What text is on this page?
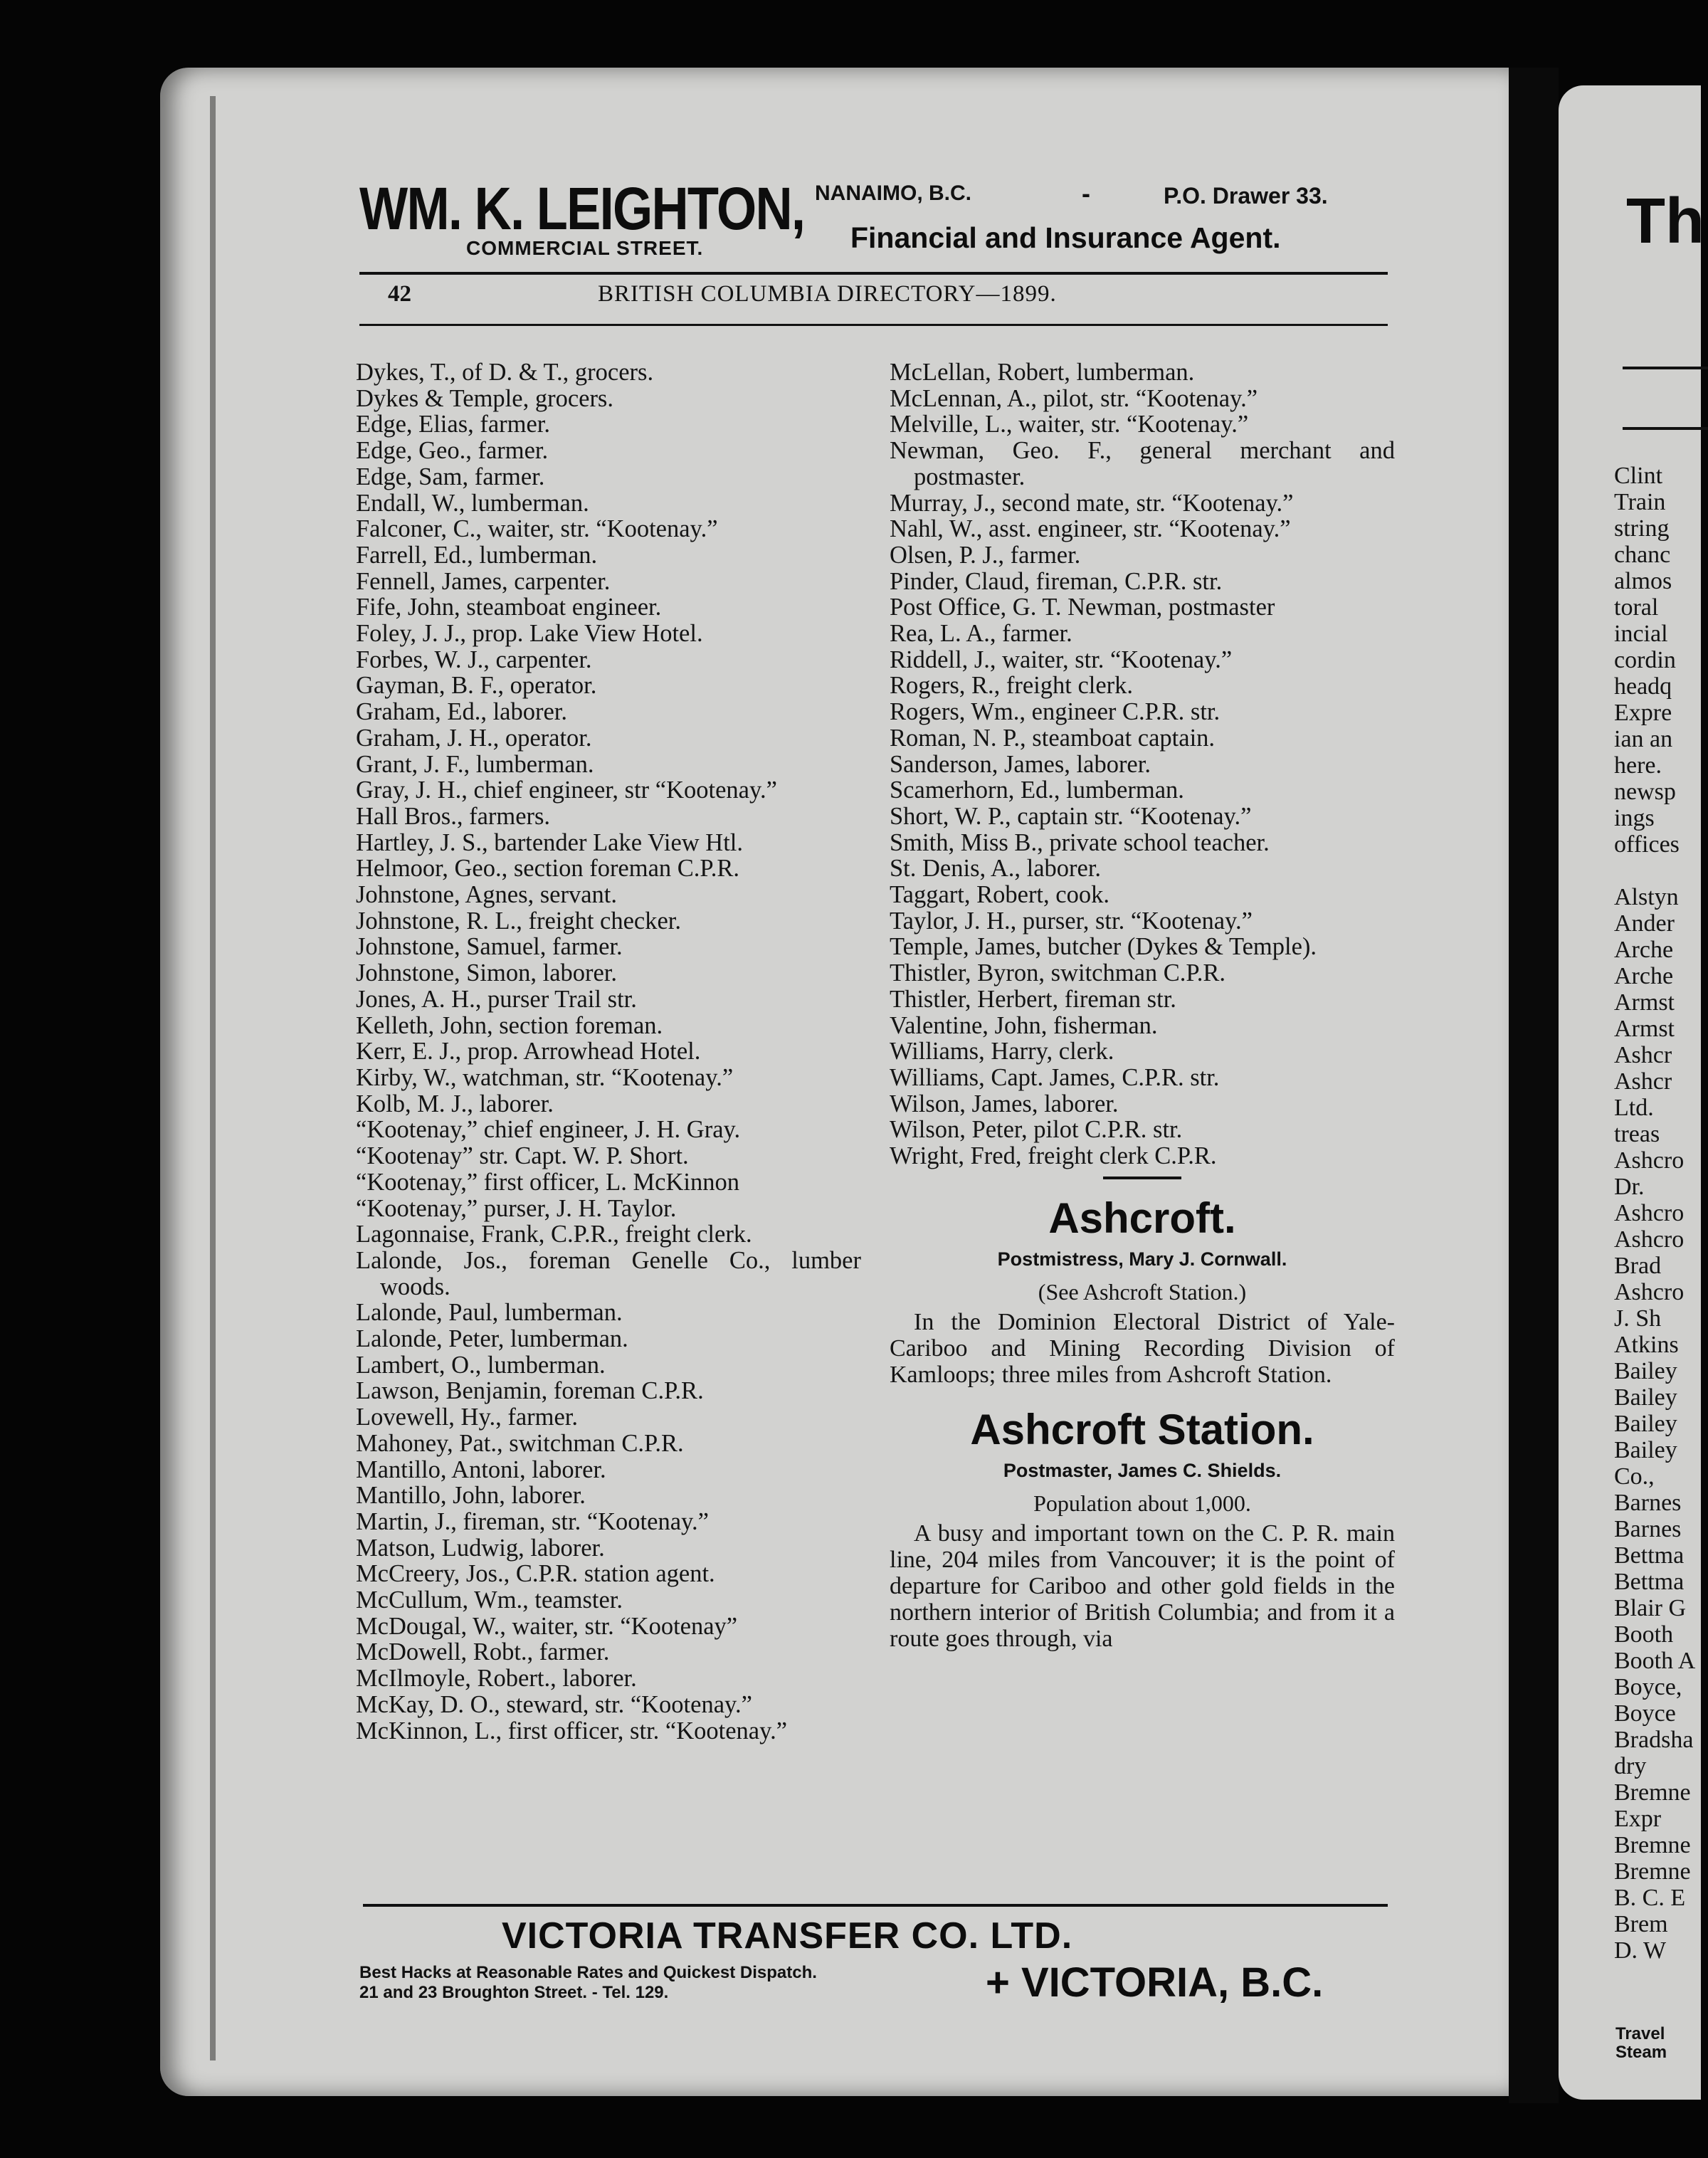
Th
Clint
Train
string
chanc
almos
toral
incial
cordin
headq
Expre
ian an
here.
newsp
ings
offices
Alstyn
Ander
Arche
Arche
Armst
Armst
Ashcr
Ashcr
Ltd.
treas
Ashcro
Dr.
Ashcro
Ashcro
Brad
Ashcro
J. Sh
Atkins
Bailey
Bailey
Bailey
Bailey
Co.,
Barnes
Barnes
Bettma
Bettma
Blair G
Booth
Booth A
Boyce,
Boyce
Bradsha
dry
Bremne
Expr
Bremne
Bremne
B. C. E
Brem
D. W
Travel
Steam
WM. K. LEIGHTON,
COMMERCIAL STREET.
NANAIMO, B.C.	-	P.O. Drawer 33.
Financial and Insurance Agent.
42	BRITISH COLUMBIA DIRECTORY—1899.

Dykes, T., of D. & T., grocers.

Dykes & Temple, grocers.

Edge, Elias, farmer.

Edge, Geo., farmer.

Edge, Sam, farmer.

Endall, W., lumberman.

Falconer, C., waiter, str. “Kootenay.”

Farrell, Ed., lumberman.

Fennell, James, carpenter.

Fife, John, steamboat engineer.

Foley, J. J., prop. Lake View Hotel.

Forbes, W. J., carpenter.

Gayman, B. F., operator.

Graham, Ed., laborer.

Graham, J. H., operator.

Grant, J. F., lumberman.

Gray, J. H., chief engineer, str “Kootenay.”

Hall Bros., farmers.

Hartley, J. S., bartender Lake View Htl.

Helmoor, Geo., section foreman C.P.R.

Johnstone, Agnes, servant.

Johnstone, R. L., freight checker.

Johnstone, Samuel, farmer.

Johnstone, Simon, laborer.

Jones, A. H., purser Trail str.

Kelleth, John, section foreman.

Kerr, E. J., prop. Arrowhead Hotel.

Kirby, W., watchman, str. “Kootenay.”

Kolb, M. J., laborer.

“Kootenay,” chief engineer, J. H. Gray.

“Kootenay” str. Capt. W. P. Short.

“Kootenay,” first officer, L. McKinnon

“Kootenay,” purser, J. H. Taylor.

Lagonnaise, Frank, C.P.R., freight clerk.

Lalonde, Jos., foreman Genelle Co., lumber woods.

Lalonde, Paul, lumberman.

Lalonde, Peter, lumberman.

Lambert, O., lumberman.

Lawson, Benjamin, foreman C.P.R.

Lovewell, Hy., farmer.

Mahoney, Pat., switchman C.P.R.

Mantillo, Antoni, laborer.

Mantillo, John, laborer.

Martin, J., fireman, str. “Kootenay.”

Matson, Ludwig, laborer.

McCreery, Jos., C.P.R. station agent.

McCullum, Wm., teamster.

McDougal, W., waiter, str. “Kootenay”

McDowell, Robt., farmer.

McIlmoyle, Robert., laborer.

McKay, D. O., steward, str. “Kootenay.”

McKinnon, L., first officer, str. “Kootenay.”

McLellan, Robert, lumberman.

McLennan, A., pilot, str. “Kootenay.”

Melville, L., waiter, str. “Kootenay.”

Newman, Geo. F., general merchant and postmaster.

Murray, J., second mate, str. “Kootenay.”

Nahl, W., asst. engineer, str. “Kootenay.”

Olsen, P. J., farmer.

Pinder, Claud, fireman, C.P.R. str.

Post Office, G. T. Newman, postmaster

Rea, L. A., farmer.

Riddell, J., waiter, str. “Kootenay.”

Rogers, R., freight clerk.

Rogers, Wm., engineer C.P.R. str.

Roman, N. P., steamboat captain.

Sanderson, James, laborer.

Scamerhorn, Ed., lumberman.

Short, W. P., captain str. “Kootenay.”

Smith, Miss B., private school teacher.

St. Denis, A., laborer.

Taggart, Robert, cook.

Taylor, J. H., purser, str. “Kootenay.”

Temple, James, butcher (Dykes & Temple).

Thistler, Byron, switchman C.P.R.

Thistler, Herbert, fireman str.

Valentine, John, fisherman.

Williams, Harry, clerk.

Williams, Capt. James, C.P.R. str.

Wilson, James, laborer.

Wilson, Peter, pilot C.P.R. str.

Wright, Fred, freight clerk C.P.R.

Ashcroft.

Postmistress, Mary J. Cornwall.

(See Ashcroft Station.)

In the Dominion Electoral District of Yale-Cariboo and Mining Recording Division of Kamloops; three miles from Ashcroft Station.

Ashcroft Station.

Postmaster, James C. Shields.

Population about 1,000.

A busy and important town on the C. P. R. main line, 204 miles from Vancouver; it is the point of departure for Cariboo and other gold fields in the northern interior of British Columbia; and from it a route goes through, via

VICTORIA TRANSFER CO. LTD.
Best Hacks at Reasonable Rates and Quickest Dispatch.
21 and 23 Broughton Street. - Tel. 129.	+ VICTORIA, B.C.
